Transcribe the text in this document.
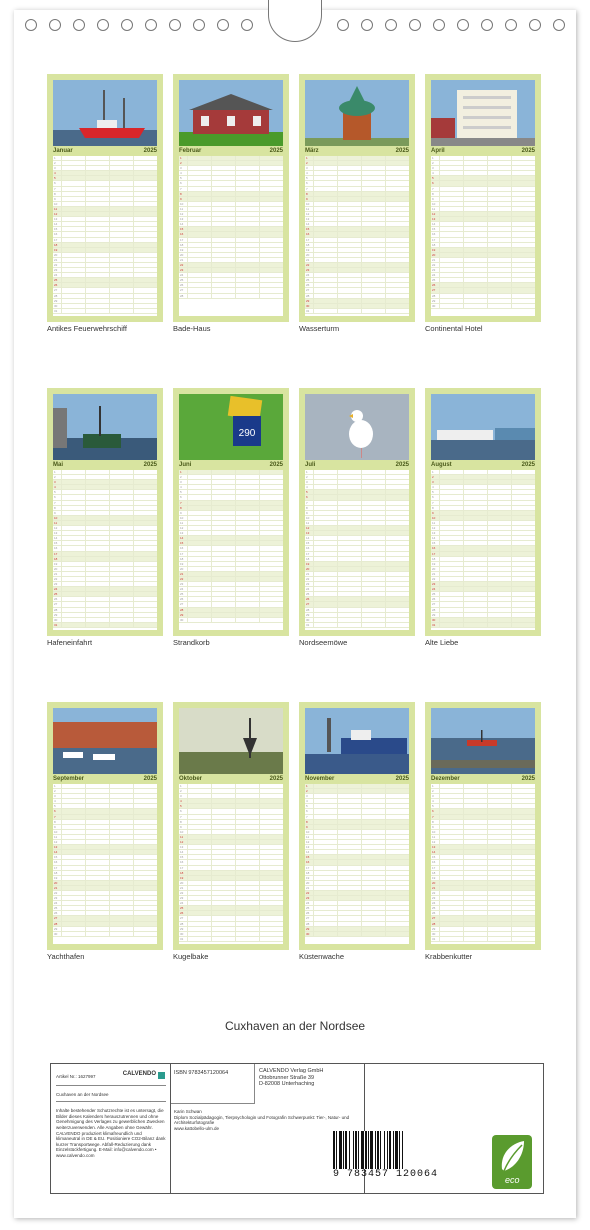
Januar	2025
1
2
3
4
5
6
7
8
9
10
11
12
13
14
15
16
17
18
19
20
21
22
23
24
25
26
27
28
29
30
31
Antikes Feuerwehrschiff
Februar	2025
1
2
3
4
5
6
7
8
9
10
11
12
13
14
15
16
17
18
19
20
21
22
23
24
25
26
27
28
Bade-Haus
März	2025
1
2
3
4
5
6
7
8
9
10
11
12
13
14
15
16
17
18
19
20
21
22
23
24
25
26
27
28
29
30
31
Wasserturm
April	2025
1
2
3
4
5
6
7
8
9
10
11
12
13
14
15
16
17
18
19
20
21
22
23
24
25
26
27
28
29
30
Continental Hotel
Mai	2025
1
2
3
4
5
6
7
8
9
10
11
12
13
14
15
16
17
18
19
20
21
22
23
24
25
26
27
28
29
30
31
Hafeneinfahrt
290
Juni	2025
1
2
3
4
5
6
7
8
9
10
11
12
13
14
15
16
17
18
19
20
21
22
23
24
25
26
27
28
29
30
Strandkorb
Juli	2025
1
2
3
4
5
6
7
8
9
10
11
12
13
14
15
16
17
18
19
20
21
22
23
24
25
26
27
28
29
30
31
Nordseemöwe
August	2025
1
2
3
4
5
6
7
8
9
10
11
12
13
14
15
16
17
18
19
20
21
22
23
24
25
26
27
28
29
30
31
Alte Liebe
September	2025
1
2
3
4
5
6
7
8
9
10
11
12
13
14
15
16
17
18
19
20
21
22
23
24
25
26
27
28
29
30
Yachthafen
Oktober	2025
1
2
3
4
5
6
7
8
9
10
11
12
13
14
15
16
17
18
19
20
21
22
23
24
25
26
27
28
29
30
31
Kugelbake
November	2025
1
2
3
4
5
6
7
8
9
10
11
12
13
14
15
16
17
18
19
20
21
22
23
24
25
26
27
28
29
30
Küstenwache
Dezember	2025
1
2
3
4
5
6
7
8
9
10
11
12
13
14
15
16
17
18
19
20
21
22
23
24
25
26
27
28
29
30
31
Krabbenkutter
Cuxhaven an der Nordsee
Artikel Nr.: 1627997	CALVENDO
Cuxhaven an der Nordsee
Inhalte bestehender Schutzrechte ist es untersagt, die Bilder dieses Kalenders herauszutrennen und ohne Genehmigung des Verlages zu gewerblichen Zwecken weiterzuverwenden. Alle Angaben ohne Gewähr. CALVENDO produziert klimafreundlich und klimaneutral in DE & EU. Positioniere CO2-Bilanz dank kurzer Transportwege. Abfall-Reduzierung dank Einzelstückfertigung. E-Mail: info@calvendo.com • www.calvendo.com
ISBN 9783457120064	CALVENDO Verlag GmbH
Ottobrunner Straße 39
D-82008 Unterhaching
Karin Schwan
Diplom Sozialpädagogin, Tierpsychologin und Fotografin Schwerpunkt: Tier-, Natur- und Architekturfotografie
www.kattobello-ulm.de
9 783457 120064	eco
